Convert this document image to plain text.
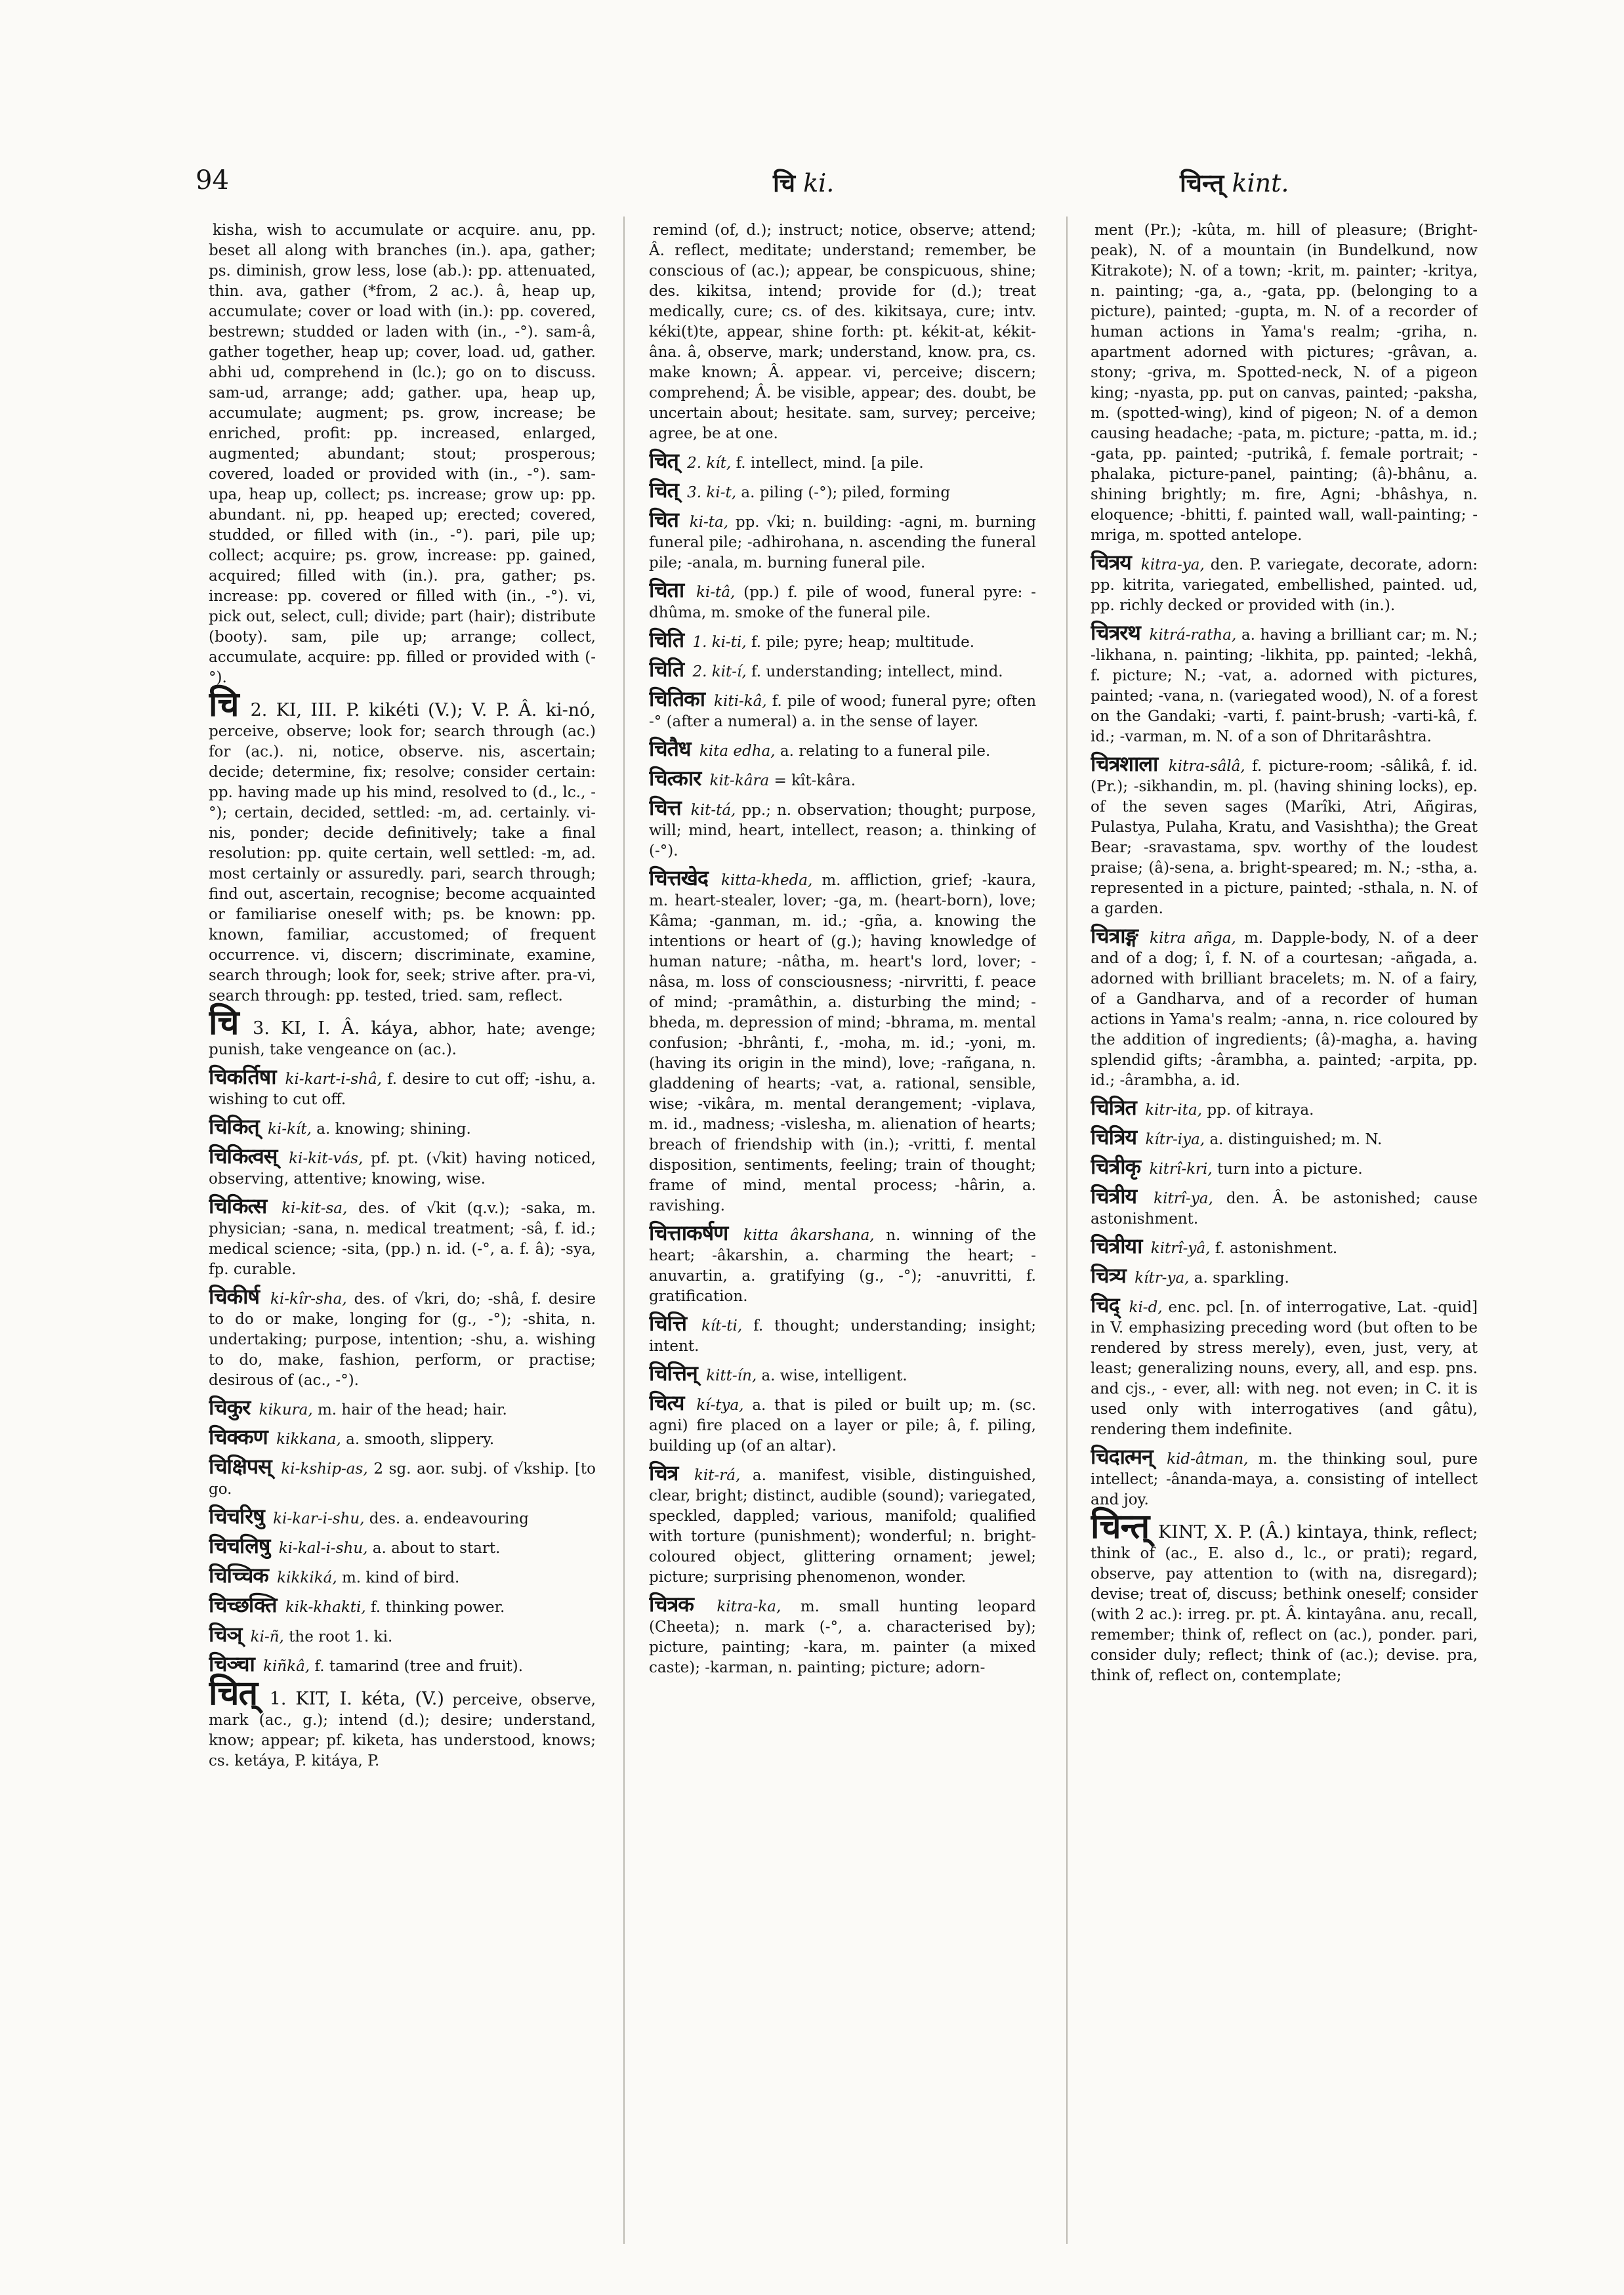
94	चि ki.	चिन्त् kint.

kisha, wish to accumulate or acquire. anu, pp. beset all along with branches (in.). apa, gather; ps. diminish, grow less, lose (ab.): pp. attenuated, thin. ava, gather (*from, 2 ac.). â, heap up, accumulate; cover or load with (in.): pp. covered, bestrewn; studded or laden with (in., -°). sam-â, gather together, heap up; cover, load. ud, gather. abhi ud, comprehend in (lc.); go on to discuss. sam-ud, arrange; add; gather. upa, heap up, accumulate; augment; ps. grow, increase; be enriched, profit: pp. increased, enlarged, augmented; abundant; stout; prosperous; covered, loaded or provided with (in., -°). sam-upa, heap up, collect; ps. increase; grow up: pp. abundant. ni, pp. heaped up; erected; covered, studded, or filled with (in., -°). pari, pile up; collect; acquire; ps. grow, increase: pp. gained, acquired; filled with (in.). pra, gather; ps. increase: pp. covered or filled with (in., -°). vi, pick out, select, cull; divide; part (hair); distribute (booty). sam, pile up; arrange; collect, accumulate, acquire: pp. filled or provided with (-°).

चि 2. KI, III. P. kikéti (V.); V. P. Â. ki-nó, perceive, observe; look for; search through (ac.) for (ac.). ni, notice, observe. nis, ascertain; decide; determine, fix; resolve; consider certain: pp. having made up his mind, resolved to (d., lc., -°); certain, decided, settled: -m, ad. certainly. vi-nis, ponder; decide definitively; take a final resolution: pp. quite certain, well settled: -m, ad. most certainly or assuredly. pari, search through; find out, ascertain, recognise; become acquainted or familiarise oneself with; ps. be known: pp. known, familiar, accustomed; of frequent occurrence. vi, discern; discriminate, examine, search through; look for, seek; strive after. pra-vi, search through: pp. tested, tried. sam, reflect.

चि 3. KI, I. Â. káya, abhor, hate; avenge; punish, take vengeance on (ac.).

चिकर्तिषा ki-kart-i-shâ, f. desire to cut off; -ishu, a. wishing to cut off.

चिकित् ki-kít, a. knowing; shining.

चिकित्वस् ki-kit-vás, pf. pt. (√kit) having noticed, observing, attentive; knowing, wise.

चिकित्स ki-kit-sa, des. of √kit (q.v.); -saka, m. physician; -sana, n. medical treatment; -sâ, f. id.; medical science; -sita, (pp.) n. id. (-°, a. f. â); -sya, fp. curable.

चिकीर्ष ki-kîr-sha, des. of √kri, do; -shâ, f. desire to do or make, longing for (g., -°); -shita, n. undertaking; purpose, intention; -shu, a. wishing to do, make, fashion, perform, or practise; desirous of (ac., -°).

चिकुर kikura, m. hair of the head; hair.

चिक्कण kikkana, a. smooth, slippery.

चिक्षिपस् ki-kship-as, 2 sg. aor. subj. of √kship. [to go.

चिचरिषु ki-kar-i-shu, des. a. endeavouring

चिचलिषु ki-kal-i-shu, a. about to start.

चिच्चिक kikkiká, m. kind of bird.

चिच्छक्ति kik-khakti, f. thinking power.

चिञ् ki-ñ, the root 1. ki.

चिञ्चा kiñkâ, f. tamarind (tree and fruit).

चित् 1. KIT, I. kéta, (V.) perceive, observe, mark (ac., g.); intend (d.); desire; understand, know; appear; pf. kiketa, has understood, knows; cs. ketáya, P. kitáya, P.

remind (of, d.); instruct; notice, observe; attend; Â. reflect, meditate; understand; remember, be conscious of (ac.); appear, be conspicuous, shine; des. kikitsa, intend; provide for (d.); treat medically, cure; cs. of des. kikitsaya, cure; intv. kéki(t)te, appear, shine forth: pt. kékit-at, kékit-âna. â, observe, mark; understand, know. pra, cs. make known; Â. appear. vi, perceive; discern; comprehend; Â. be visible, appear; des. doubt, be uncertain about; hesitate. sam, survey; perceive; agree, be at one.

चित् 2. kít, f. intellect, mind. [a pile.

चित् 3. ki-t, a. piling (-°); piled, forming

चित ki-ta, pp. √ki; n. building: -agni, m. burning funeral pile; -adhirohana, n. ascending the funeral pile; -anala, m. burning funeral pile.

चिता ki-tâ, (pp.) f. pile of wood, funeral pyre: -dhûma, m. smoke of the funeral pile.

चिति 1. ki-ti, f. pile; pyre; heap; multitude.

चिति 2. kit-í, f. understanding; intellect, mind.

चितिका kiti-kâ, f. pile of wood; funeral pyre; often -° (after a numeral) a. in the sense of layer.

चितैध kita edha, a. relating to a funeral pile.

चित्कार kit-kâra = kît-kâra.

चित्त kit-tá, pp.; n. observation; thought; purpose, will; mind, heart, intellect, reason; a. thinking of (-°).

चित्तखेद kitta-kheda, m. affliction, grief; -kaura, m. heart-stealer, lover; -ga, m. (heart-born), love; Kâma; -ganman, m. id.; -gña, a. knowing the intentions or heart of (g.); having knowledge of human nature; -nâtha, m. heart's lord, lover; -nâsa, m. loss of consciousness; -nirvritti, f. peace of mind; -pramâthin, a. disturbing the mind; -bheda, m. depression of mind; -bhrama, m. mental confusion; -bhrânti, f., -moha, m. id.; -yoni, m. (having its origin in the mind), love; -rañgana, n. gladdening of hearts; -vat, a. rational, sensible, wise; -vikâra, m. mental derangement; -viplava, m. id., madness; -vislesha, m. alienation of hearts; breach of friendship with (in.); -vritti, f. mental disposition, sentiments, feeling; train of thought; frame of mind, mental process; -hârin, a. ravishing.

चित्ताकर्षण kitta âkarshana, n. winning of the heart; -âkarshin, a. charming the heart; -anuvartin, a. gratifying (g., -°); -anuvritti, f. gratification.

चित्ति kít-ti, f. thought; understanding; insight; intent.

चित्तिन् kitt-ín, a. wise, intelligent.

चित्य kí-tya, a. that is piled or built up; m. (sc. agni) fire placed on a layer or pile; â, f. piling, building up (of an altar).

चित्र kit-rá, a. manifest, visible, distinguished, clear, bright; distinct, audible (sound); variegated, speckled, dappled; various, manifold; qualified with torture (punishment); wonderful; n. bright-coloured object, glittering ornament; jewel; picture; surprising phenomenon, wonder.

चित्रक kitra-ka, m. small hunting leopard (Cheeta); n. mark (-°, a. characterised by); picture, painting; -kara, m. painter (a mixed caste); -karman, n. painting; picture; adorn-

ment (Pr.); -kûta, m. hill of pleasure; (Bright-peak), N. of a mountain (in Bundelkund, now Kitrakote); N. of a town; -krit, m. painter; -kritya, n. painting; -ga, a., -gata, pp. (belonging to a picture), painted; -gupta, m. N. of a recorder of human actions in Yama's realm; -griha, n. apartment adorned with pictures; -grâvan, a. stony; -griva, m. Spotted-neck, N. of a pigeon king; -nyasta, pp. put on canvas, painted; -paksha, m. (spotted-wing), kind of pigeon; N. of a demon causing headache; -pata, m. picture; -patta, m. id.; -gata, pp. painted; -putrikâ, f. female portrait; -phalaka, picture-panel, painting; (â)-bhânu, a. shining brightly; m. fire, Agni; -bhâshya, n. eloquence; -bhitti, f. painted wall, wall-painting; -mriga, m. spotted antelope.

चित्रय kitra-ya, den. P. variegate, decorate, adorn: pp. kitrita, variegated, embellished, painted. ud, pp. richly decked or provided with (in.).

चित्ररथ kitrá-ratha, a. having a brilliant car; m. N.; -likhana, n. painting; -likhita, pp. painted; -lekhâ, f. picture; N.; -vat, a. adorned with pictures, painted; -vana, n. (variegated wood), N. of a forest on the Gandaki; -varti, f. paint-brush; -varti-kâ, f. id.; -varman, m. N. of a son of Dhritarâshtra.

चित्रशाला kitra-sâlâ, f. picture-room; -sâlikâ, f. id. (Pr.); -sikhandin, m. pl. (having shining locks), ep. of the seven sages (Marîki, Atri, Añgiras, Pulastya, Pulaha, Kratu, and Vasishtha); the Great Bear; -sravastama, spv. worthy of the loudest praise; (â)-sena, a. bright-speared; m. N.; -stha, a. represented in a picture, painted; -sthala, n. N. of a garden.

चित्राङ्ग kitra añga, m. Dapple-body, N. of a deer and of a dog; î, f. N. of a courtesan; -añgada, a. adorned with brilliant bracelets; m. N. of a fairy, of a Gandharva, and of a recorder of human actions in Yama's realm; -anna, n. rice coloured by the addition of ingredients; (â)-magha, a. having splendid gifts; -ârambha, a. painted; -arpita, pp. id.; -ârambha, a. id.

चित्रित kitr-ita, pp. of kitraya.

चित्रिय kítr-iya, a. distinguished; m. N.

चित्रीकृ kitrî-kri, turn into a picture.

चित्रीय kitrî-ya, den. Â. be astonished; cause astonishment.

चित्रीया kitrî-yâ, f. astonishment.

चित्र्य kítr-ya, a. sparkling.

चिद् ki-d, enc. pcl. [n. of interrogative, Lat. -quid] in V. emphasizing preceding word (but often to be rendered by stress merely), even, just, very, at least; generalizing nouns, every, all, and esp. pns. and cjs., - ever, all: with neg. not even; in C. it is used only with interrogatives (and gâtu), rendering them indefinite.

चिदात्मन् kid-âtman, m. the thinking soul, pure intellect; -ânanda-maya, a. consisting of intellect and joy.

चिन्त् KINT, X. P. (Â.) kintaya, think, reflect; think of (ac., E. also d., lc., or prati); regard, observe, pay attention to (with na, disregard); devise; treat of, discuss; bethink oneself; consider (with 2 ac.): irreg. pr. pt. Â. kintayâna. anu, recall, remember; think of, reflect on (ac.), ponder. pari, consider duly; reflect; think of (ac.); devise. pra, think of, reflect on, contemplate;
